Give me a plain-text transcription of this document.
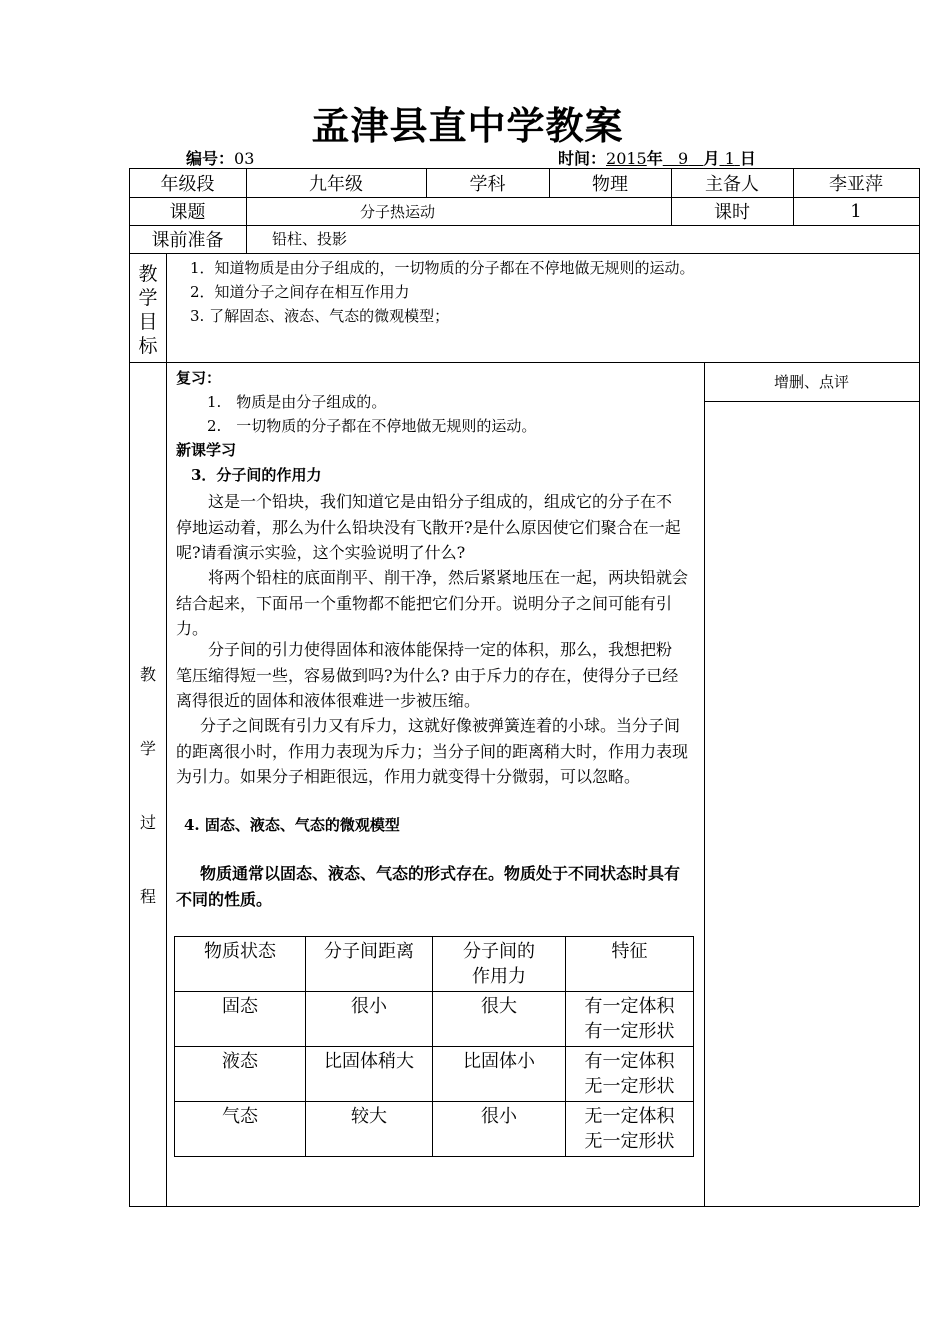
孟津县直中学教案
编号：03	时间：2015年 9 月 1 日
年级段	九年级	学科	物理	主备人	李亚萍
课题	分子热运动	课时	1
课前准备	铅柱、投影
教
学
目
标
1．知道物质是由分子组成的，一切物质的分子都在不停地做无规则的运动。
2．知道分子之间存在相互作用力
3. 了解固态、液态、气态的微观模型；
教
学
过
程
增删、点评
复习：
1.　物质是由分子组成的。
2.　一切物质的分子都在不停地做无规则的运动。
新课学习
3．分子间的作用力
这是一个铅块，我们知道它是由铅分子组成的，组成它的分子在不
停地运动着，那么为什么铅块没有飞散开?是什么原因使它们聚合在一起
呢?请看演示实验，这个实验说明了什么?
将两个铅柱的底面削平、削干净，然后紧紧地压在一起，两块铅就会
结合起来，下面吊一个重物都不能把它们分开。说明分子之间可能有引
力。
分子间的引力使得固体和液体能保持一定的体积，那么，我想把粉
笔压缩得短一些，容易做到吗?为什么? 由于斥力的存在，使得分子已经
离得很近的固体和液体很难进一步被压缩。
分子之间既有引力又有斥力，这就好像被弹簧连着的小球。当分子间
的距离很小时，作用力表现为斥力；当分子间的距离稍大时，作用力表现
为引力。如果分子相距很远，作用力就变得十分微弱，可以忽略。
4. 固态、液态、气态的微观模型
物质通常以固态、液态、气态的形式存在。物质处于不同状态时具有
不同的性质。
物质状态	分子间距离	分子间的
作用力	特征
固态	很小	很大	有一定体积
有一定形状
液态	比固体稍大	比固体小	有一定体积
无一定形状
气态	较大	很小	无一定体积
无一定形状
